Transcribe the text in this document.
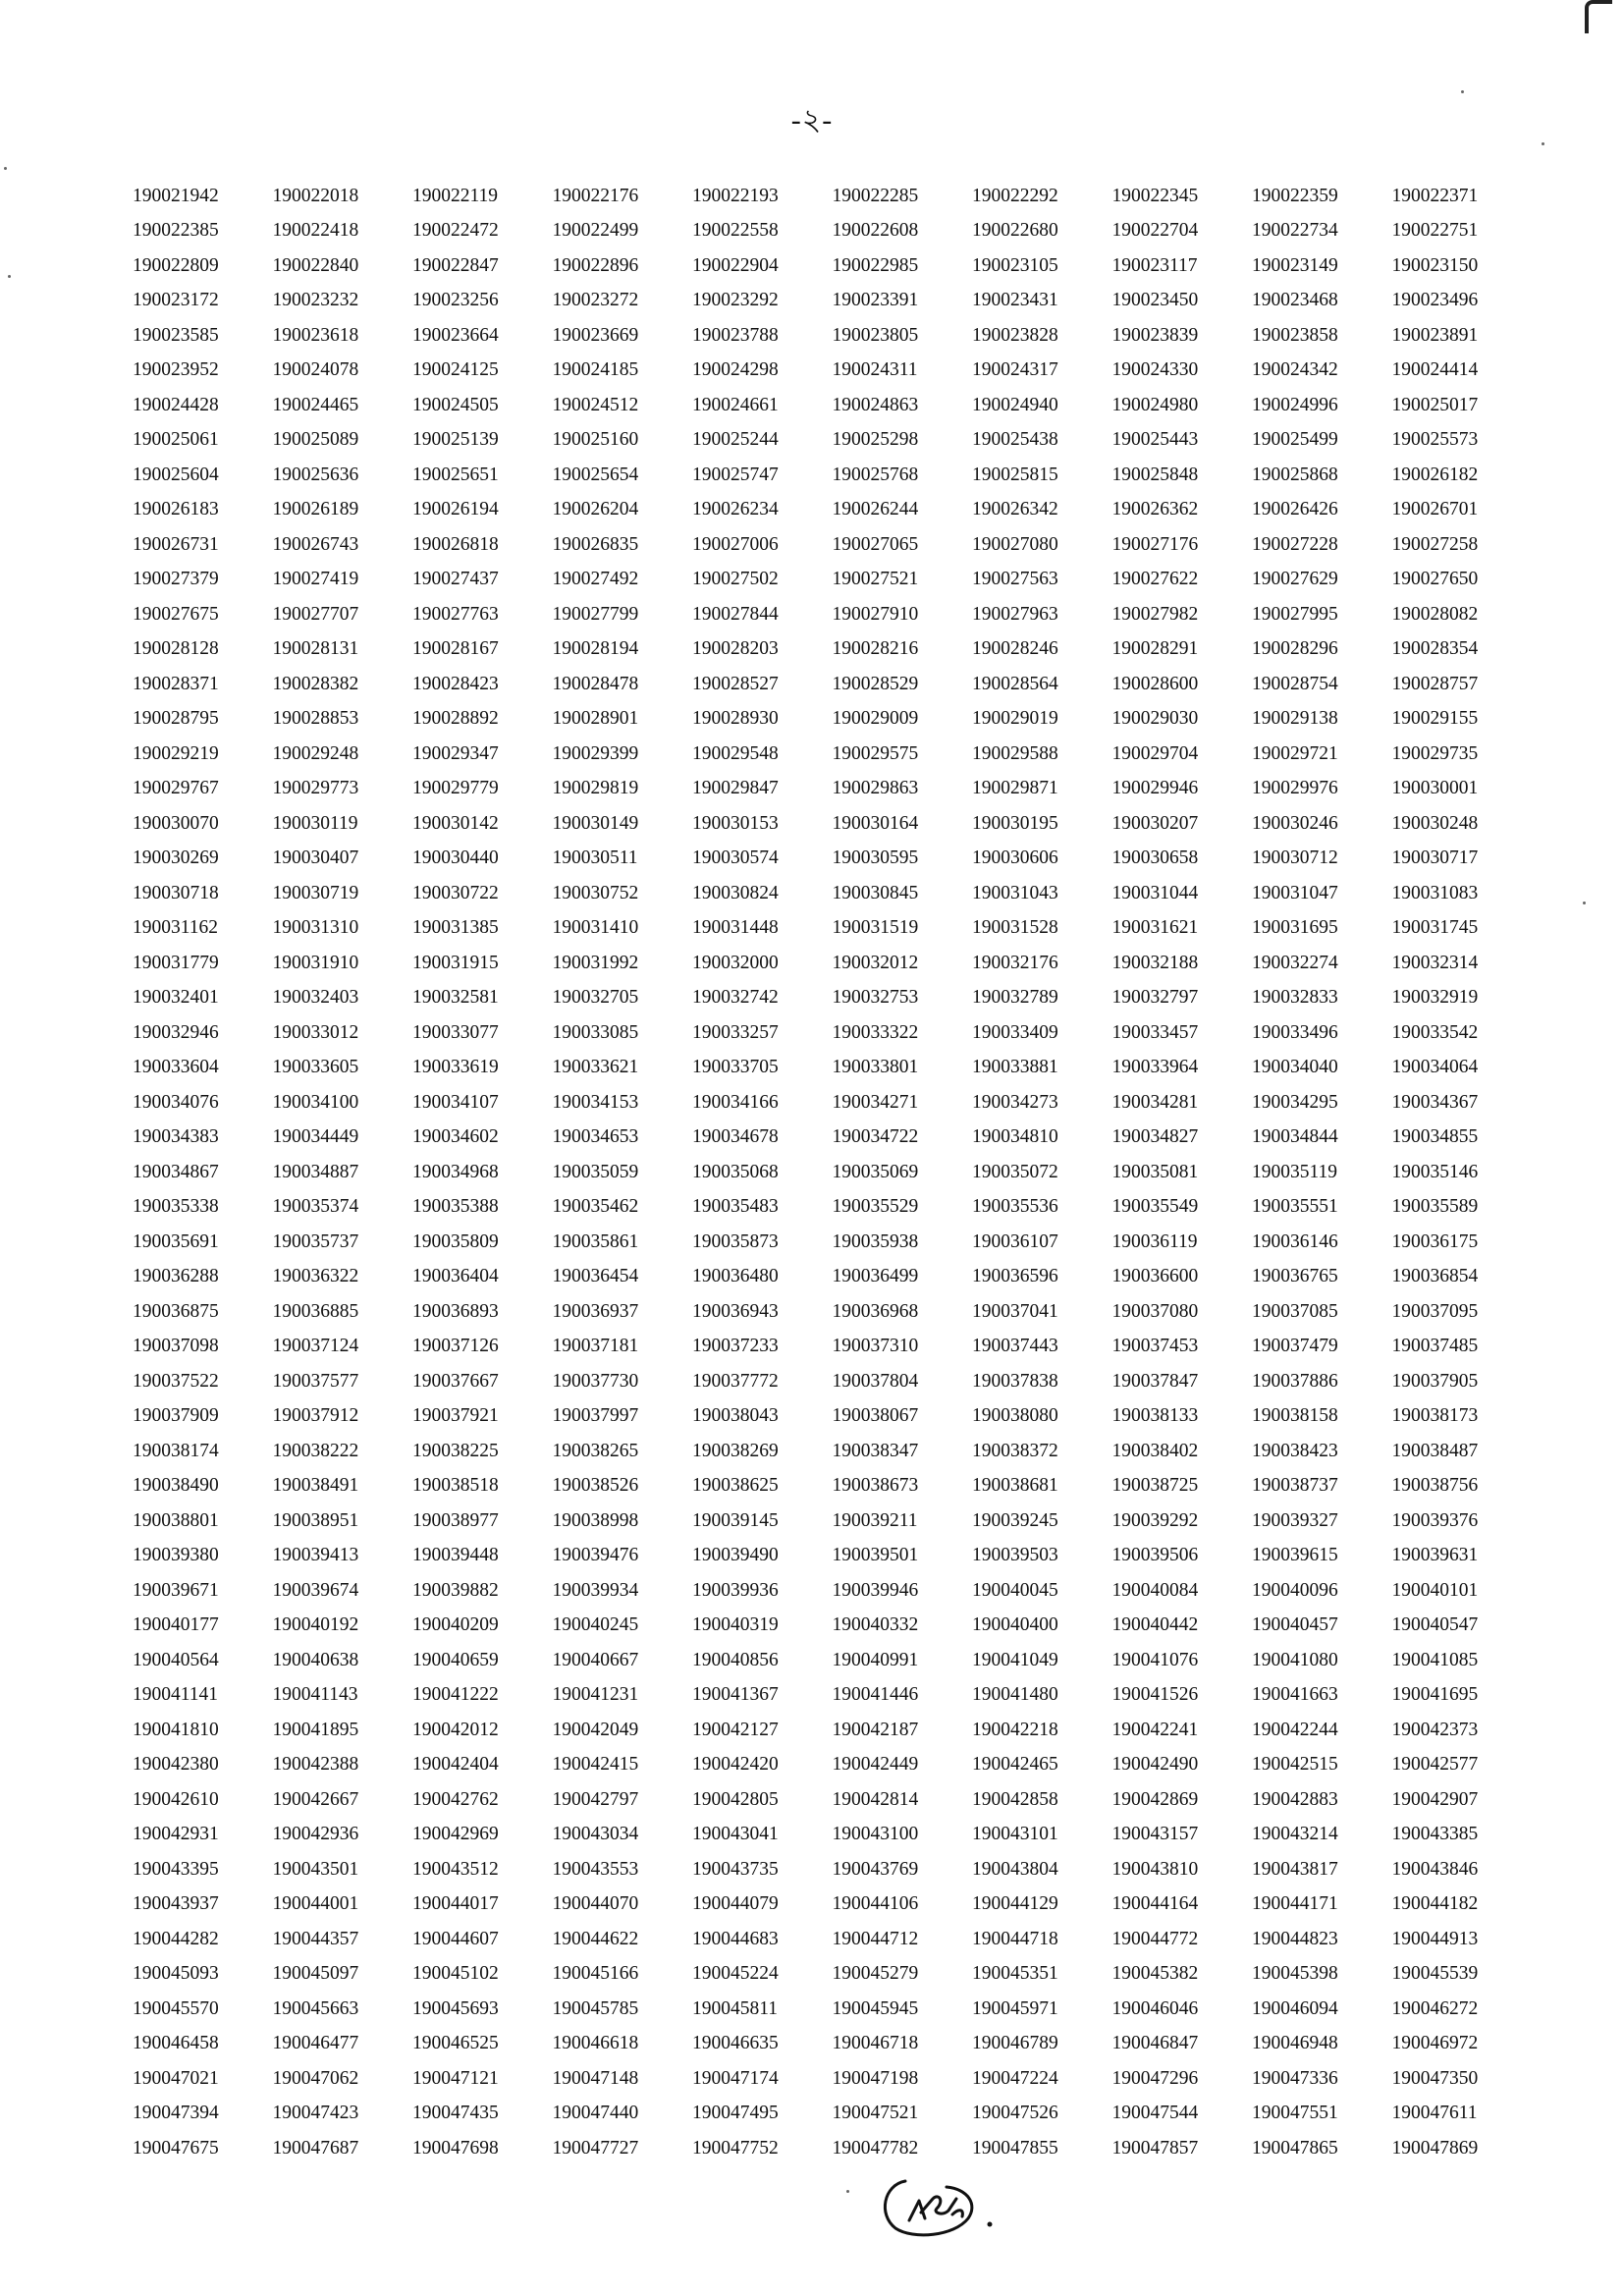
-২-
190021942	190022018	190022119	190022176	190022193	190022285	190022292	190022345	190022359	190022371
190022385	190022418	190022472	190022499	190022558	190022608	190022680	190022704	190022734	190022751
190022809	190022840	190022847	190022896	190022904	190022985	190023105	190023117	190023149	190023150
190023172	190023232	190023256	190023272	190023292	190023391	190023431	190023450	190023468	190023496
190023585	190023618	190023664	190023669	190023788	190023805	190023828	190023839	190023858	190023891
190023952	190024078	190024125	190024185	190024298	190024311	190024317	190024330	190024342	190024414
190024428	190024465	190024505	190024512	190024661	190024863	190024940	190024980	190024996	190025017
190025061	190025089	190025139	190025160	190025244	190025298	190025438	190025443	190025499	190025573
190025604	190025636	190025651	190025654	190025747	190025768	190025815	190025848	190025868	190026182
190026183	190026189	190026194	190026204	190026234	190026244	190026342	190026362	190026426	190026701
190026731	190026743	190026818	190026835	190027006	190027065	190027080	190027176	190027228	190027258
190027379	190027419	190027437	190027492	190027502	190027521	190027563	190027622	190027629	190027650
190027675	190027707	190027763	190027799	190027844	190027910	190027963	190027982	190027995	190028082
190028128	190028131	190028167	190028194	190028203	190028216	190028246	190028291	190028296	190028354
190028371	190028382	190028423	190028478	190028527	190028529	190028564	190028600	190028754	190028757
190028795	190028853	190028892	190028901	190028930	190029009	190029019	190029030	190029138	190029155
190029219	190029248	190029347	190029399	190029548	190029575	190029588	190029704	190029721	190029735
190029767	190029773	190029779	190029819	190029847	190029863	190029871	190029946	190029976	190030001
190030070	190030119	190030142	190030149	190030153	190030164	190030195	190030207	190030246	190030248
190030269	190030407	190030440	190030511	190030574	190030595	190030606	190030658	190030712	190030717
190030718	190030719	190030722	190030752	190030824	190030845	190031043	190031044	190031047	190031083
190031162	190031310	190031385	190031410	190031448	190031519	190031528	190031621	190031695	190031745
190031779	190031910	190031915	190031992	190032000	190032012	190032176	190032188	190032274	190032314
190032401	190032403	190032581	190032705	190032742	190032753	190032789	190032797	190032833	190032919
190032946	190033012	190033077	190033085	190033257	190033322	190033409	190033457	190033496	190033542
190033604	190033605	190033619	190033621	190033705	190033801	190033881	190033964	190034040	190034064
190034076	190034100	190034107	190034153	190034166	190034271	190034273	190034281	190034295	190034367
190034383	190034449	190034602	190034653	190034678	190034722	190034810	190034827	190034844	190034855
190034867	190034887	190034968	190035059	190035068	190035069	190035072	190035081	190035119	190035146
190035338	190035374	190035388	190035462	190035483	190035529	190035536	190035549	190035551	190035589
190035691	190035737	190035809	190035861	190035873	190035938	190036107	190036119	190036146	190036175
190036288	190036322	190036404	190036454	190036480	190036499	190036596	190036600	190036765	190036854
190036875	190036885	190036893	190036937	190036943	190036968	190037041	190037080	190037085	190037095
190037098	190037124	190037126	190037181	190037233	190037310	190037443	190037453	190037479	190037485
190037522	190037577	190037667	190037730	190037772	190037804	190037838	190037847	190037886	190037905
190037909	190037912	190037921	190037997	190038043	190038067	190038080	190038133	190038158	190038173
190038174	190038222	190038225	190038265	190038269	190038347	190038372	190038402	190038423	190038487
190038490	190038491	190038518	190038526	190038625	190038673	190038681	190038725	190038737	190038756
190038801	190038951	190038977	190038998	190039145	190039211	190039245	190039292	190039327	190039376
190039380	190039413	190039448	190039476	190039490	190039501	190039503	190039506	190039615	190039631
190039671	190039674	190039882	190039934	190039936	190039946	190040045	190040084	190040096	190040101
190040177	190040192	190040209	190040245	190040319	190040332	190040400	190040442	190040457	190040547
190040564	190040638	190040659	190040667	190040856	190040991	190041049	190041076	190041080	190041085
190041141	190041143	190041222	190041231	190041367	190041446	190041480	190041526	190041663	190041695
190041810	190041895	190042012	190042049	190042127	190042187	190042218	190042241	190042244	190042373
190042380	190042388	190042404	190042415	190042420	190042449	190042465	190042490	190042515	190042577
190042610	190042667	190042762	190042797	190042805	190042814	190042858	190042869	190042883	190042907
190042931	190042936	190042969	190043034	190043041	190043100	190043101	190043157	190043214	190043385
190043395	190043501	190043512	190043553	190043735	190043769	190043804	190043810	190043817	190043846
190043937	190044001	190044017	190044070	190044079	190044106	190044129	190044164	190044171	190044182
190044282	190044357	190044607	190044622	190044683	190044712	190044718	190044772	190044823	190044913
190045093	190045097	190045102	190045166	190045224	190045279	190045351	190045382	190045398	190045539
190045570	190045663	190045693	190045785	190045811	190045945	190045971	190046046	190046094	190046272
190046458	190046477	190046525	190046618	190046635	190046718	190046789	190046847	190046948	190046972
190047021	190047062	190047121	190047148	190047174	190047198	190047224	190047296	190047336	190047350
190047394	190047423	190047435	190047440	190047495	190047521	190047526	190047544	190047551	190047611
190047675	190047687	190047698	190047727	190047752	190047782	190047855	190047857	190047865	190047869
